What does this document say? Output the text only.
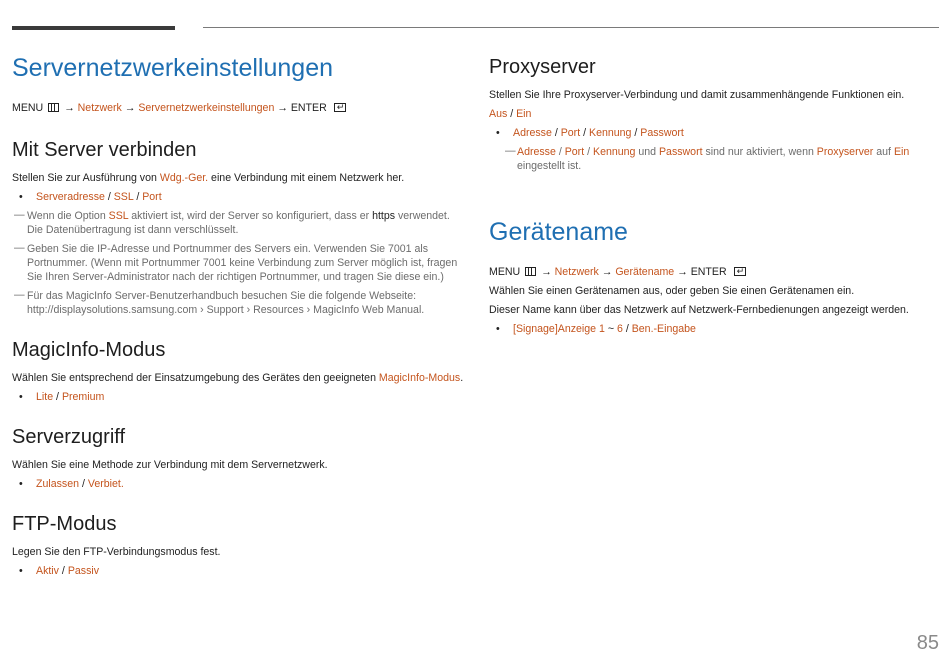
Servernetzwerkeinstellungen
MENU → Netzwerk → Servernetzwerkeinstellungen → ENTER ↵
Mit Server verbinden
Stellen Sie zur Ausführung von Wdg.-Ger. eine Verbindung mit einem Netzwerk her.
• Serveradresse / SSL / Port
— Wenn die Option SSL aktiviert ist, wird der Server so konfiguriert, dass er https verwendet. Die Datenübertragung ist dann verschlüsselt.
— Geben Sie die IP-Adresse und Portnummer des Servers ein. Verwenden Sie 7001 als Portnummer. (Wenn mit Portnummer 7001 keine Verbindung zum Server möglich ist, fragen Sie Ihren Server-Administrator nach der richtigen Portnummer, und tragen Sie diese ein.)
— Für das MagicInfo Server-Benutzerhandbuch besuchen Sie die folgende Webseite: http://displaysolutions.samsung.com › Support › Resources › MagicInfo Web Manual.
MagicInfo-Modus
Wählen Sie entsprechend der Einsatzumgebung des Gerätes den geeigneten MagicInfo-Modus.
• Lite / Premium
Serverzugriff
Wählen Sie eine Methode zur Verbindung mit dem Servernetzwerk.
• Zulassen / Verbiet.
FTP-Modus
Legen Sie den FTP-Verbindungsmodus fest.
• Aktiv / Passiv
Proxyserver
Stellen Sie Ihre Proxyserver-Verbindung und damit zusammenhängende Funktionen ein.
Aus / Ein
• Adresse / Port / Kennung / Passwort
— Adresse / Port / Kennung und Passwort sind nur aktiviert, wenn Proxyserver auf Ein eingestellt ist.
Gerätename
MENU → Netzwerk → Gerätename → ENTER ↵
Wählen Sie einen Gerätenamen aus, oder geben Sie einen Gerätenamen ein.
Dieser Name kann über das Netzwerk auf Netzwerk-Fernbedienungen angezeigt werden.
• [Signage]Anzeige 1 ~ 6 / Ben.-Eingabe
85
